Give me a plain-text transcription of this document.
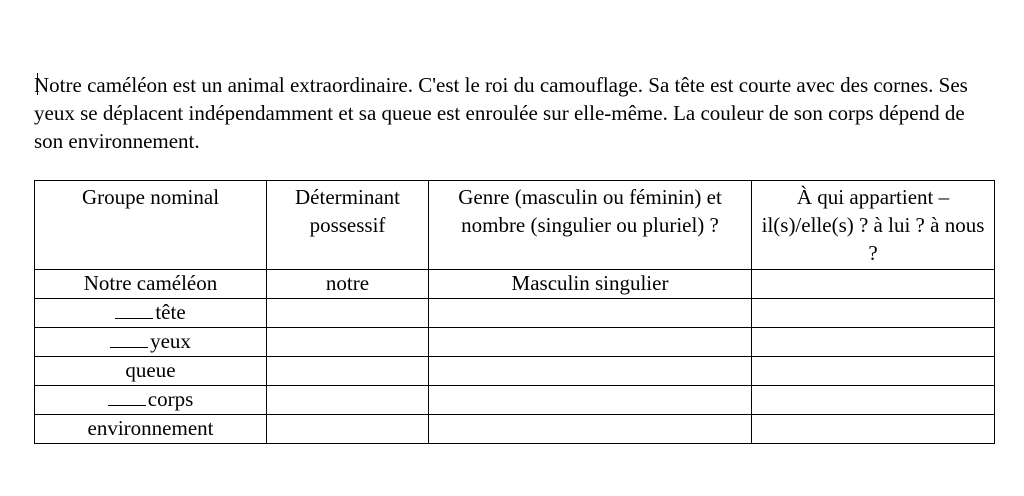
Notre caméléon est un animal extraordinaire. C'est le roi du camouflage. Sa tête est courte avec des cornes. Ses yeux se déplacent indépendamment et sa queue est enroulée sur elle-même. La couleur de son corps dépend de son environnement.

Groupe nominal	Déterminant possessif	Genre (masculin ou féminin) et nombre (singulier ou pluriel) ?	À qui appartient – il(s)/elle(s) ? à lui ? à nous ?
Notre caméléon	notre	Masculin singulier	
tête			
yeux			
queue			
corps			
environnement			
